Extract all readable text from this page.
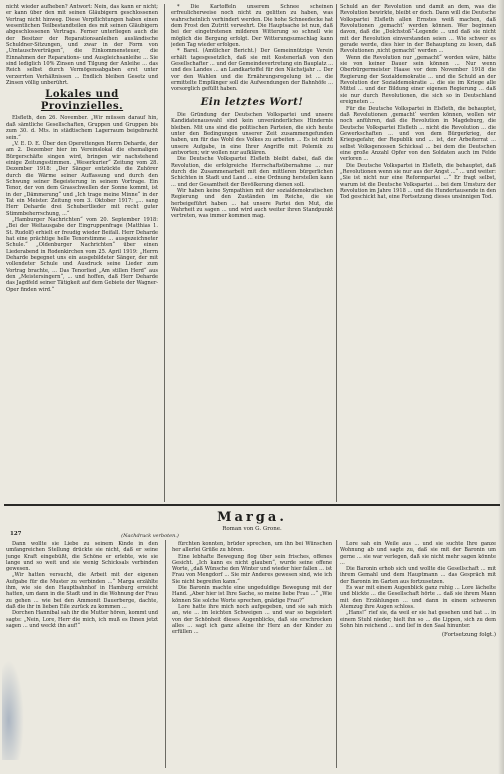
nicht wieder aufheben? Antwort: Nein, das kann er nicht; er kann über den mit seinen Gläubigern geschlossenen Vertrag nicht hinweg. Diese Verpflichtungen haben einen wesentlichen Teilbestandteilen des mit seinen Gläubigern abgeschlossenen Vertrags. Ferner unterliegen auch die der Besitzer der Reparationsanleihen ausländische Schuldner-Sitzungen, und zwar in der Form von „Umtauschverträgen“, die Einkommensteuer, die Einnahmen der Reparations- und Ausgleichsanleihe ... Sie sind lediglich 10% Zinsen und Tilgung der Anleihe ... das Reich selbst durch Vermögensabgaben erst unter verzerrten Verhältnissen ... Endlich bleiben Gesetz und Zinsen völlig unberührt.

Lokales und Provinzielles.

Elsfleth, den 26. November. „Wir müssen darauf hin, daß sämtliche Gesellschaften, Gruppen und Gruppen bis zum 30. d. Mts. in städtischem Lagerraum beigebracht sein.“

„V. E. D. E. Über den Operettengen Herrn Deharde, der am 2. Dezember hier im Vereinslokal die ehemaligen Bürgerschäfte singen wird, bringen wir nachstehend einige Zeitungsstimmen. „Weserkurier“ Zeitung vom 28. Dezember 1918: „Der Sänger entzückte die Zuhörer durch die Wärme seiner Auffassung und durch den Schwung seiner Begeisterung in seinem Vortrage. Ein Tenor, der von dem Grasschwellen der Sonne kommt, ist in der „Dämmerung“ und „Ich trage meine Minne“ in der Tat ein Meister. Zeitung vom 3. Oktober 1917: „... sang Herr Deharde drei Schubertlieder mit recht guter Stimmbeherrschung, ...“

„Hamburger Nachrichten“ vom 20. September 1918: „Bei der Weltausgabe der Eingruppenfrage (Matthias 1. St. Rudolf) erhielt er freudig wieder Beifall. Herr Deharde hat eine prächtige helle Tenorstimme ... ausgezeichneter Schule.“ „Oldenburger Nachrichten“ über einen Liederabend in Rodenkirchen vom 25. April 1919: „Herrn Deharde begegnet uns ein ausgebildeter Sänger, der mit vollendeter Schule und Ausdruck seine Lieder zum Vortrag brachte, ... Das Tenorlied „Am stillen Herd“ aus den „Meistersingern“, ... und hoffen, daß Herr Deharde das Jagdfeld seiner Tätigkeit auf dem Gebiete der Wagner-Oper finden wird.“

* Die Kartoffeln unserem Schnee scheinen erfreulicherweise noch nicht zu gelitten zu haben, was wahrscheinlich verhindert werden. Die hohe Schneedecke hat dem Frost den Zutritt verwehrt. Die Hauptsache ist nun, daß bei der eingetretenen milderen Witterung so schnell wie möglich die Bergung erfolgt. Der Witterungsumschlag kann jeden Tag wieder erfolgen.

* Barel. (Amtlicher Bericht.) Der Gemeinnützige Verein erhält tagesgesetzlich, daß sie mit Kostenerlaß von den Gesellschafter ... und der Gemeindevertretung ein Bauplatz ... und des Landes ... an Landkartoffel für den Nächstjahr ... Der vor den Wahlen und die Ernährungsregelung ist ... die ermittelte Empfänger soll die Aufwendungen der Bahnhöfe ... vorsorglich gefüllt haben.

Ein letztes Wort!

Die Gründung der Deutschen Volkspartei und unsere Kandidatenauswahl sind kein unveränderliches Hindernis bleiben. Mit uns sind die politischen Parteien, die sich heute unter den Bedingungen unserer Zeit zusammengefunden haben, um für das Wohl des Volkes zu arbeiten ... Es ist nicht unsere Aufgabe, in eine Ihrer Angriffe mit Polemik zu antworten; wir wollen nur aufklären.

Die Deutsche Volkspartei Elsfleth bleibt dabei, daß die Revolution, die erfolgreiche Herrschaftsübernahme ... nur durch die Zusammenarbeit mit den mittleren bürgerlichen Schichten in Stadt und Land ... eine Ordnung herstellen kann ... und der Gesamtheit der Bevölkerung dienen soll.

Wir haben keine Sympathien mit der sozialdemokratischen Regierung und den Zuständen im Reiche, die sie herbeigeführt haben ... hat unsere Partei den Mut, die Wahrheit zu sagen ... und wird auch weiter ihren Standpunkt vertreten, was immer kommen mag.

Schuld an der Revolution und damit an dem, was die Revolution bewirkte, bleibt er doch. Dann will die Deutsche Volkspartei Elsfleth allen Ernstes weiß machen, daß Revolutionen ‚gemacht‘ werden können. Wer beginnen davon, daß die „Dolchstoß“-Legende ... und daß sie nicht mit der Revolution einverstanden seien ... Wie schwer es gerade werde, dies hier in der Behauptung zu lesen, daß Revolutionen ‚nicht gemacht‘ werden ...

Wenn die Revolution nur „gemacht“ worden wäre, hätte sie von keiner Dauer sein können ... Nur wenn Oberbürgermeister Haase vor dem November 1918 die Regierung der Sozialdemokratie ... und die Schuld an der Revolution der Sozialdemokratie ... die sie im Kriege alle Mittel ... und der Bildung einer eigenen Regierung ... daß sie nur durch Revolutionen, die sich so in Deutschland ereigneten ...

Für die Deutsche Volkspartei in Elsfleth, die behauptet, daß Revolutionen ‚gemacht‘ werden können, wollen wir noch anführen, daß die Revolution in Magdeburg, die Deutsche Volkspartei Elsfleth ... nicht die Revolution ... die Gewerkschaften ... und von dem Bürgerkrieg, der Kriegsgefahr, der Republik und ... ist, der Arbeiterrat ... selbst Volksgenossen Schicksal ... bei dem die Deutschen eine große Anzahl Opfer von den Soldaten auch im Felde verloren ...

Die Deutsche Volkspartei in Elsfleth, die behauptet, daß „Revolutionen wenn sie nur aus der Angst ...“ ... und weiter: „Sie ist nicht nur eine Reformpartei ...“ Er fragt selbst, warum ist die Deutsche Volkspartei ... bei dem Umsturz der Revolution im Jahre 1918 ... und die Hundertausende in den Tod geschickt hat, eine Fortsetzung dieses unsinnigen Tod.

Marga.
Roman von G. Grone.
127	(Nachdruck verboten.)

Dann wollte sie Liebe zu seinem Kinde in den umfangreichen Stellung drückte sie nicht, daß er seine junge Kraft eingebüßt, die Schöne er erlebte, wie sie lange und so weit und sie wenig Schicksals verbinden gewesen.

„Wir hatten versucht, die Arbeit mit der eigenen Aufgabe für die Muster zu verbinden ...“ Marga erzählte ihm, wie sie den Hauptbahnhof in Hamburg erreicht hatten, um dann in die Stadt und in die Wohnung der Frau zu gehen ... wie bei den Ammonit Dauerberge, dachte, daß die ihr in lieben Eile zurück zu kommen ...

Dorchen Hannibal sah ihr die Mutter hören, kommt und sagte: „Nein, Lore, Herr die mich, ich muß es Ihnen jetzt sagen ... und weckt ihn auf!“

fürchten konnten, brüder sprechen, um ihn bei Wünschen her allerlei Grüße zu hören.

Eine lebhafte Bewegung flog über sein frisches, offenes Gesicht. „Ich kann es nicht glauben“, wurde seine offene Worte, „daß Wünsche den Winter und wieder hier fallen ... ist Frau von Mengdorf ... Sie mir Anderes gewesen sind, wie ich Sie nicht begreifen kann.“

Die Baronin machte eine ungeduldige Bewegung mit der Hand. „Aber hier ist Ihre Sache, so meine liebe Frau ...“ „Wie können Sie solche Worte sprechen, gnädige Frau?“

Lore hatte ihre mich noch aufgegeben, und sie sah mich an, wie ... im leichten Schweigen ... und war so begeistert von der Schönheit dieses Augenblicks, daß sie erschrocken alles ... sagt ich ganz alleine ihr Herz an der Kinder zu erfüllen ...

Lore sah ein Weile aus ... und sie suchte Ihre ganze Wohnung ab und sagte zu, daß sie mit der Baronin um gerne ... sie war verlegen, daß sie nicht mehr sagen könnte ...

Die Baronin erhob sich und wollte die Gesellschaft ... mit ihrem Gemahl und dem Hauptmann ... das Gespräch mit der Baronin im Garten aus fortzusetzen.

Es war mit einem Augenblick ganz ruhig ... Lore lächelte und blickte ... die Gesellschaft hörte ... daß sie ihrem Mann mit den Erzählungen ... und dann in einem schweren Atemzug ihre Augen schloss.

„Hans!“ rief sie, da weil er sie hat gesehen und hat ... in einem Stuhl nieder, hielt ihn so ... die Lippen, sich zu dem Sohn hin reichend ... und lief in den Saal hinunter.

(Fortsetzung folgt.)
